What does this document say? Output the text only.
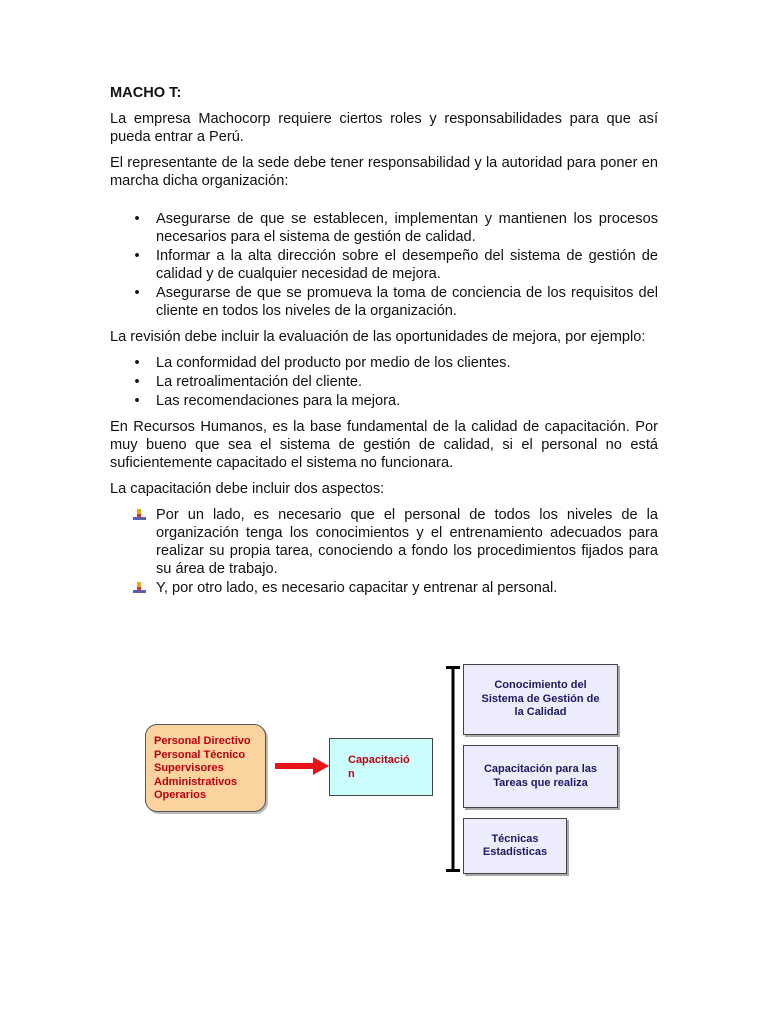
MACHO T:

La empresa Machocorp requiere ciertos roles y responsabilidades para que así pueda entrar a Perú.

El representante de la sede debe tener responsabilidad y la autoridad para poner en marcha dicha organización:

• Asegurarse de que se establecen, implementan y mantienen los procesos necesarios para el sistema de gestión de calidad.
• Informar a la alta dirección sobre el desempeño del sistema de gestión de calidad y de cualquier necesidad de mejora.
• Asegurarse de que se promueva la toma de conciencia de los requisitos del cliente en todos los niveles de la organización.

La revisión debe incluir la evaluación de las oportunidades de mejora, por ejemplo:

• La conformidad del producto por medio de los clientes.
• La retroalimentación del cliente.
• Las recomendaciones para la mejora.

En Recursos Humanos, es la base fundamental de la calidad de capacitación. Por muy bueno que sea el sistema de gestión de calidad, si el personal no está suficientemente capacitado el sistema no funcionara.

La capacitación debe incluir dos aspectos:

Por un lado, es necesario que el personal de todos los niveles de la organización tenga los conocimientos y el entrenamiento adecuados para realizar su propia tarea, conociendo a fondo los procedimientos fijados para su área de trabajo.
Y, por otro lado, es necesario capacitar y entrenar al personal.
Personal Directivo
Personal Técnico
Supervisores
Administrativos
Operarios
Capacitació
n
Conocimiento del Sistema de Gestión de la Calidad
Capacitación para las Tareas que realiza
Técnicas Estadísticas
